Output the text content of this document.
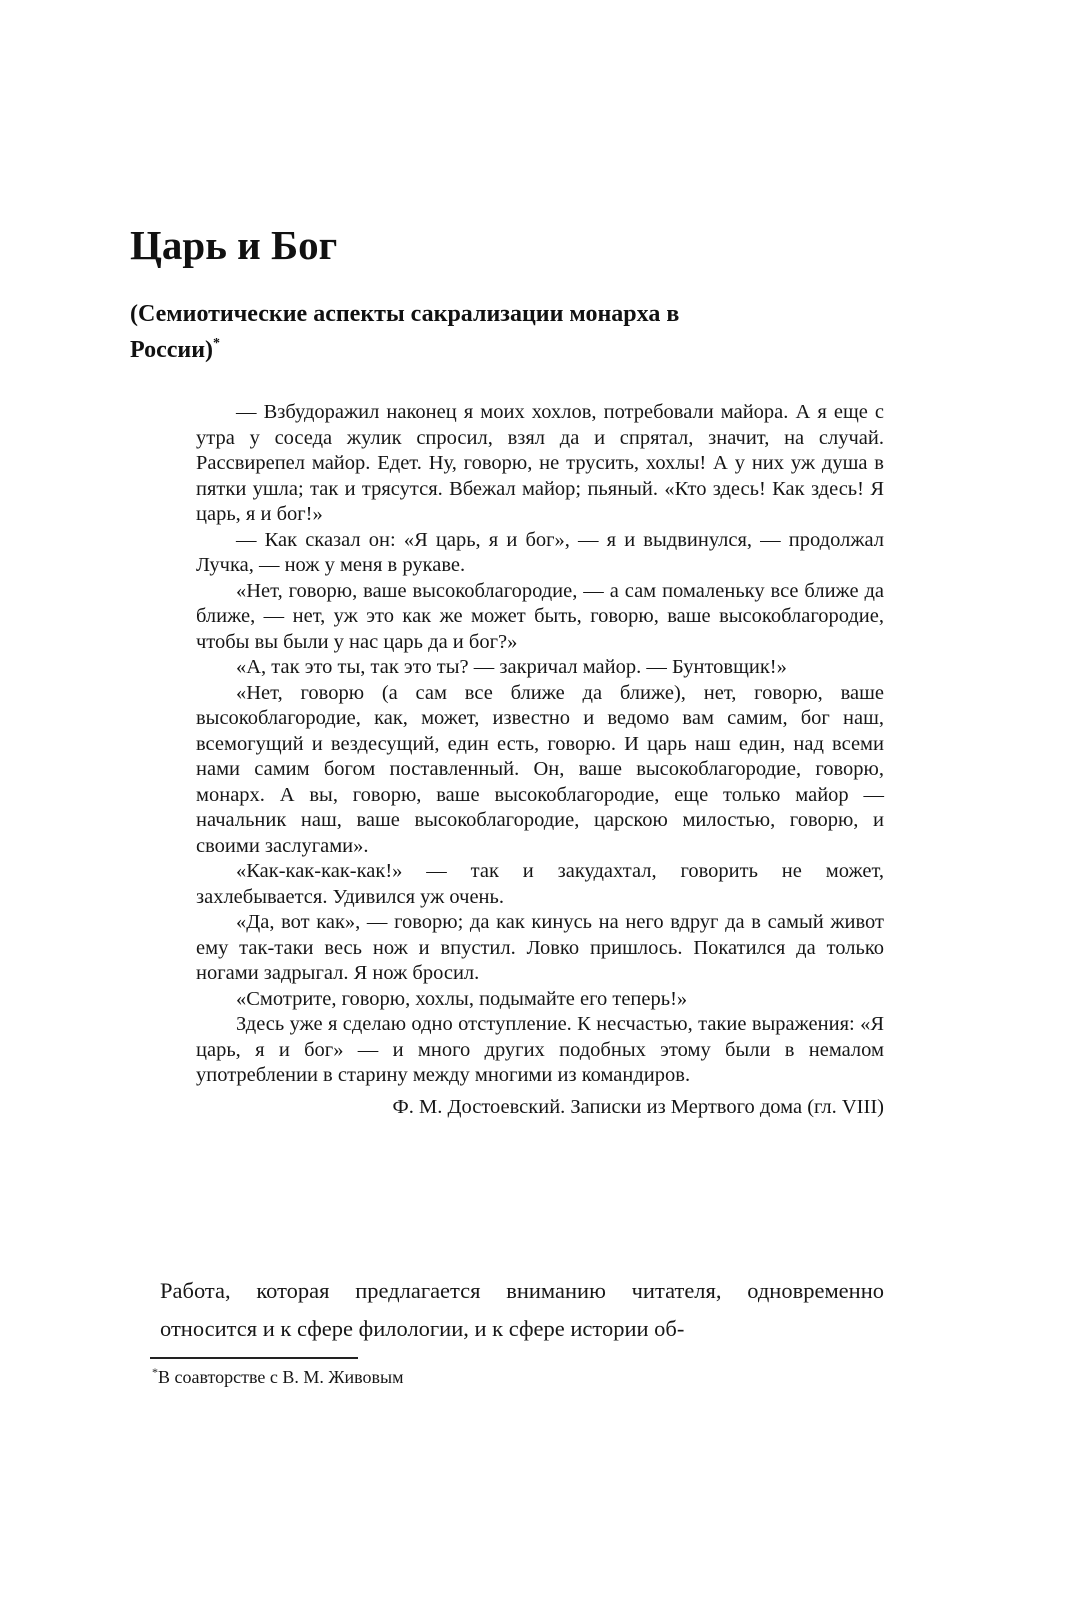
Царь и Бог
(Семиотические аспекты сакрализации монарха в России)*

— Взбудоражил наконец я моих хохлов, потребовали майора. А я еще с утра у соседа жулик спросил, взял да и спрятал, значит, на случай. Рассвирепел майор. Едет. Ну, говорю, не трусить, хохлы! А у них уж душа в пятки ушла; так и трясутся. Вбежал майор; пьяный. «Кто здесь! Как здесь! Я царь, я и бог!»

— Как сказал он: «Я царь, я и бог», — я и выдвинулся, — продолжал Лучка, — нож у меня в рукаве.

«Нет, говорю, ваше высокоблагородие, — а сам помаленьку все ближе да ближе, — нет, уж это как же может быть, говорю, ваше высокоблагородие, чтобы вы были у нас царь да и бог?»

«А, так это ты, так это ты? — закричал майор. — Бунтовщик!»

«Нет, говорю (а сам все ближе да ближе), нет, говорю, ваше высокоблагородие, как, может, известно и ведомо вам самим, бог наш, всемогущий и вездесущий, един есть, говорю. И царь наш един, над всеми нами самим богом поставленный. Он, ваше высокоблагородие, говорю, монарх. А вы, говорю, ваше высокоблагородие, еще только майор — начальник наш, ваше высокоблагородие, царскою милостью, говорю, и своими заслугами».

«Как-как-как-как!» — так и закудахтал, говорить не может, захлебывается. Удивился уж очень.

«Да, вот как», — говорю; да как кинусь на него вдруг да в самый живот ему так-таки весь нож и впустил. Ловко пришлось. Покатился да только ногами задрыгал. Я нож бросил.

«Смотрите, говорю, хохлы, подымайте его теперь!»

Здесь уже я сделаю одно отступление. К несчастью, такие выражения: «Я царь, я и бог» — и много других подобных этому были в немалом употреблении в старину между многими из командиров.

Ф. М. Достоевский. Записки из Мертвого дома (гл. VIII)

Работа, которая предлагается вниманию читателя, одновременно относится и к сфере филологии, и к сфере истории об-

*В соавторстве с В. М. Живовым
